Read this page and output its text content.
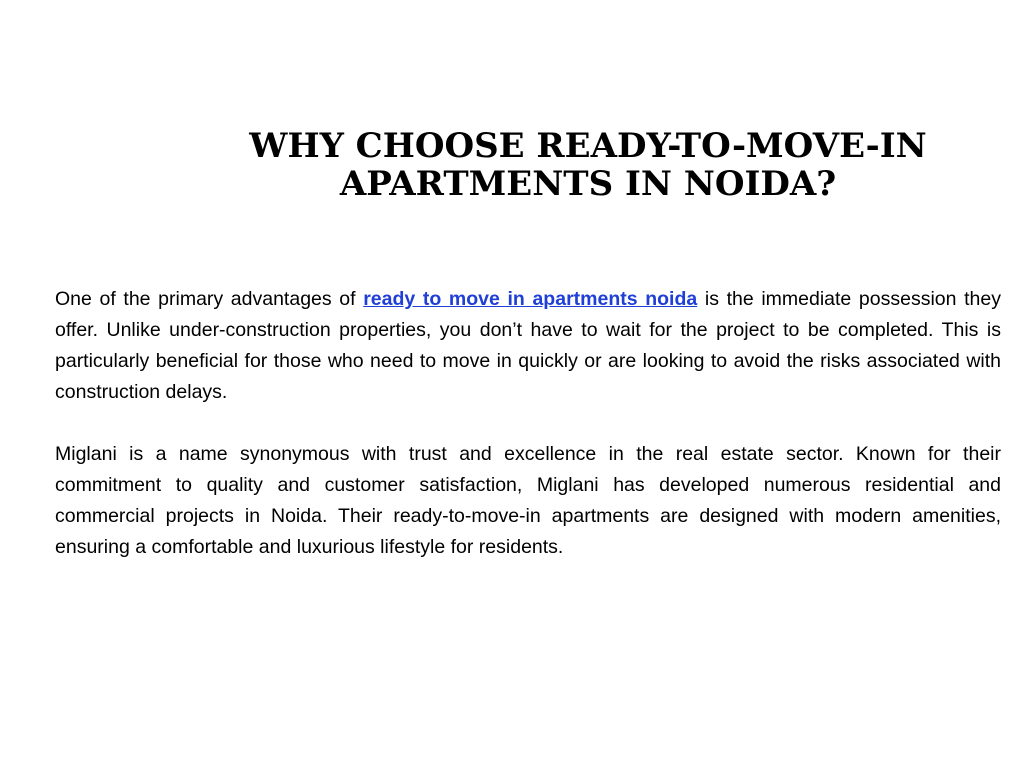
WHY CHOOSE READY-TO-MOVE-IN
APARTMENTS IN NOIDA?

One of the primary advantages of ready to move in apartments noida is the immediate possession they offer. Unlike under-construction properties, you don’t have to wait for the project to be completed. This is particularly beneficial for those who need to move in quickly or are looking to avoid the risks associated with construction delays.

Miglani is a name synonymous with trust and excellence in the real estate sector. Known for their commitment to quality and customer satisfaction, Miglani has developed numerous residential and commercial projects in Noida. Their ready-to-move-in apartments are designed with modern amenities, ensuring a comfortable and luxurious lifestyle for residents.
